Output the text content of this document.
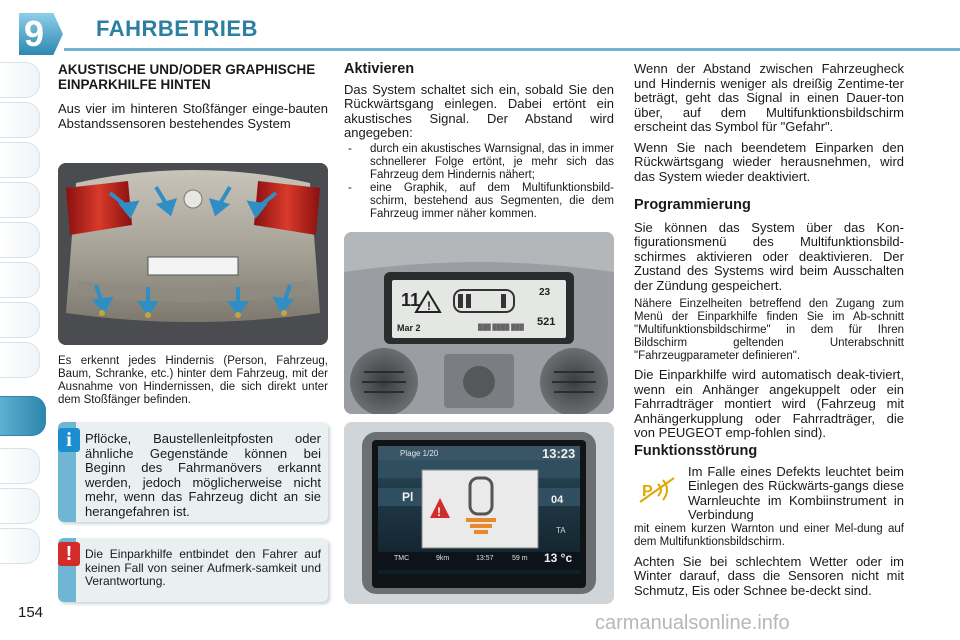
9	FAHRBETRIEB
AKUSTISCHE UND/ODER GRAPHISCHE EINPARKHILFE HINTEN

Aus vier im hinteren Stoßfänger einge-bauten Abstandssensoren bestehendes System

Es erkennt jedes Hindernis (Person, Fahrzeug, Baum, Schranke, etc.) hinter dem Fahrzeug, mit der Ausnahme von Hindernissen, die sich direkt unter dem Stoßfänger befinden.

i	Pflöcke, Baustellenleitpfosten oder ähnliche Gegenstände können bei Beginn des Fahrmanövers erkannt werden, jedoch möglicherweise nicht mehr, wenn das Fahrzeug dicht an sie herangefahren ist.

!	Die Einparkhilfe entbindet den Fahrer auf keinen Fall von seiner Aufmerk-samkeit und Verantwortung.

Aktivieren

Das System schaltet sich ein, sobald Sie den Rückwärtsgang einlegen. Dabei ertönt ein akustisches Signal. Der Abstand wird angegeben:

- durch ein akustisches Warnsignal, das in immer schnellerer Folge ertönt, je mehr sich das Fahrzeug dem Hindernis nähert;
- eine Graphik, auf dem Multifunktionsbild-schirm, bestehend aus Segmenten, die dem Fahrzeug immer näher kommen.
!
███ ████ ███
11
Mar 2
23
521
!
Plage 1/20	13:23
Pl	04
TA
TMC	9km	13:57	59 m 13 °c

Wenn der Abstand zwischen Fahrzeugheck und Hindernis weniger als dreißig Zentime-ter beträgt, geht das Signal in einen Dauer-ton über, auf dem Multifunktionsbildschirm erscheint das Symbol für "Gefahr".

Wenn Sie nach beendetem Einparken den Rückwärtsgang wieder herausnehmen, wird das System wieder deaktiviert.

Programmierung

Sie können das System über das Kon-figurationsmenü des Multifunktionsbild-schirmes aktivieren oder deaktivieren. Der Zustand des Systems wird beim Ausschalten der Zündung gespeichert.

Nähere Einzelheiten betreffend den Zugang zum Menü der Einparkhilfe finden Sie im Ab-schnitt "Multifunktionsbildschirme" in dem für Ihren Bildschirm geltenden Unterabschnitt "Fahrzeugparameter definieren".

Die Einparkhilfe wird automatisch deak-tiviert, wenn ein Anhänger angekuppelt oder ein Fahrradträger montiert wird (Fahrzeug mit Anhängerkupplung oder Fahrradträger, die von PEUGEOT emp-fohlen sind).

Funktionsstörung
P

Im Falle eines Defekts leuchtet beim Einlegen des Rückwärts-gangs diese Warnleuchte im Kombiinstrument in Verbindung

mit einem kurzen Warnton und einer Mel-dung auf dem Multifunktionsbildschirm.

Achten Sie bei schlechtem Wetter oder im Winter darauf, dass die Sensoren nicht mit Schmutz, Eis oder Schnee be-deckt sind.

154	carmanualsonline.info
